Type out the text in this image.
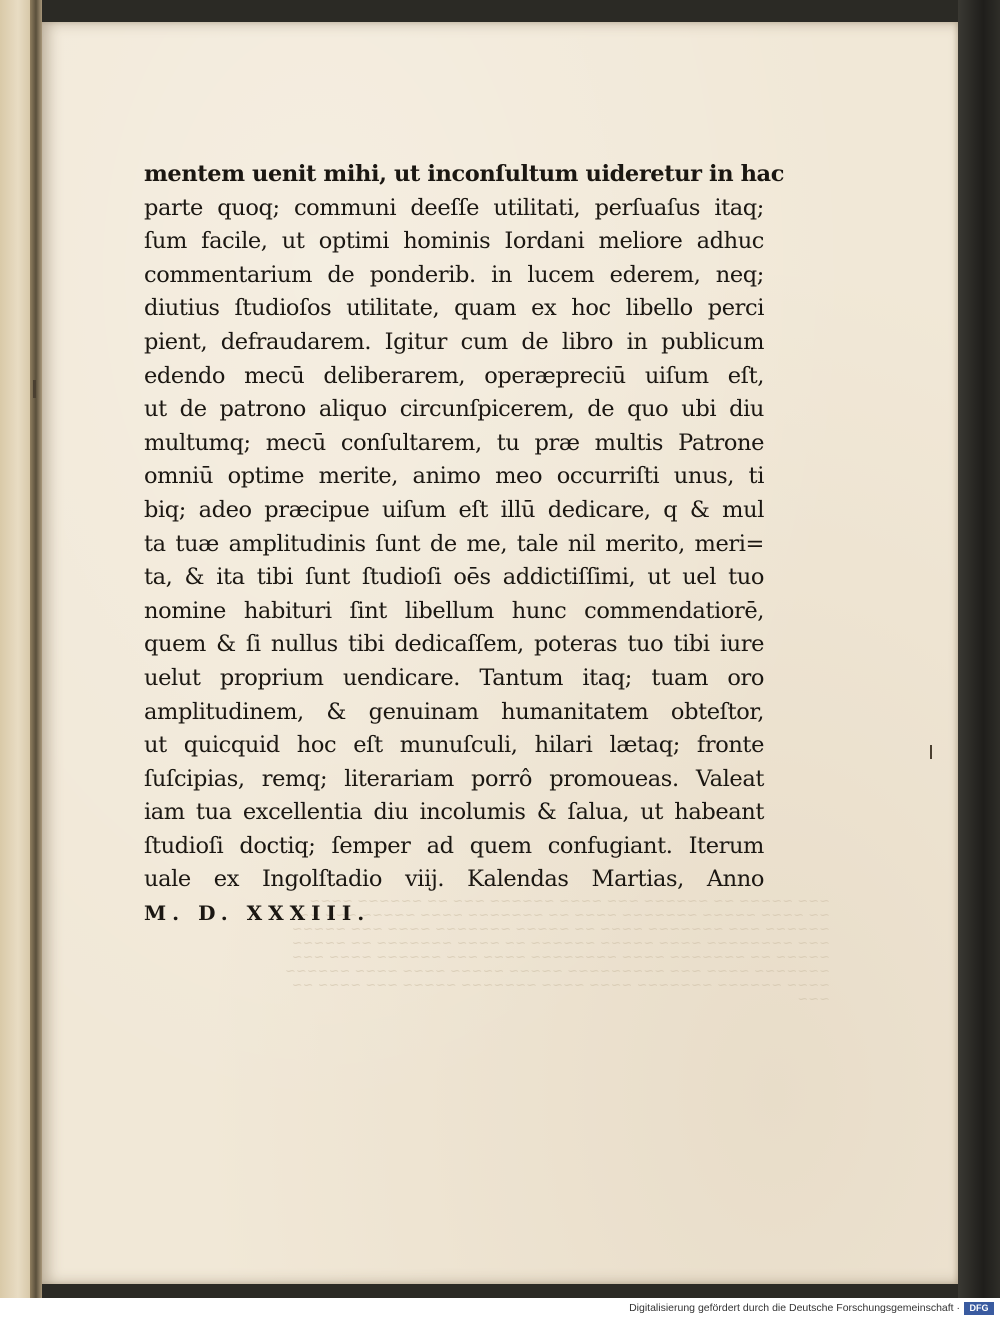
~~~ ~~~~~ ~~ ~~~~~~ ~~~ ~~~~ ~~~~~~ ~~~ ~~ ~~~~~~ ~~~~
~~ ~~~~ ~~~~~ ~~~~~~~ ~~~~ ~~ ~~~~~~~ ~~~~ ~~~~~ ~~~ ~~
~~~~~~ ~~~ ~~~~~~~ ~~~~ ~~ ~~~~~ ~~~~~~~ ~~~~ ~~~ ~~~~~
~~~ ~~~~~~~~ ~~~~ ~~~~~ ~~~~~~ ~~ ~~~~ ~~~~~~~ ~~ ~~~~~
~~~~~ ~~ ~~~~~~~ ~~~~ ~~~~~~~~ ~~~~ ~~~ ~~~~~~ ~~~~ ~~~
~~~~~~~ ~~~~ ~~~ ~~~~~~~~~ ~~~~~ ~~~~~ ~~~~ ~~~~ ~~~~~~
~~~~ ~~~~~~ ~~~~~~~ ~~~~ ~~~~ ~~~~~~~ ~~~~~ ~~~ ~~~~ ~~
~~~
mentem uenit mihi, ut inconſultum uideretur in hac
parte quoq; communi deeſſe utilitati, perſuaſus itaq;
ſum facile, ut optimi hominis Iordani meliore adhuc
commentarium de ponderib. in lucem ederem, neq;
diutius ſtudioſos utilitate, quam ex hoc libello perci
pient, defraudarem. Igitur cum de libro in publicum
edendo mecū deliberarem, operæpreciū uiſum eſt,
ut de patrono aliquo circunſpicerem, de quo ubi diu
multumq; mecū conſultarem, tu præ multis Patrone
omniū optime merite, animo meo occurriſti unus, ti
biq; adeo præcipue uiſum eſt illū dedicare, q & mul
ta tuæ amplitudinis ſunt de me, tale nil merito, meri=
ta, & ita tibi ſunt ſtudioſi oēs addictiſſimi, ut uel tuo
nomine habituri ſint libellum hunc commendatiorē,
quem & ſi nullus tibi dedicaſſem, poteras tuo tibi iure
uelut proprium uendicare. Tantum itaq; tuam oro
amplitudinem, & genuinam humanitatem obteſtor,
ut quicquid hoc eſt munuſculi, hilari lætaq; fronte
ſuſcipias, remq; literariam porrô promoueas. Valeat
iam tua excellentia diu incolumis & ſalua, ut habeant
ſtudioſi doctiq; ſemper ad quem confugiant. Iterum
uale ex Ingolſtadio viij. Kalendas Martias, Anno
M. D. XXXIII.
Digitalisierung gefördert durch die Deutsche Forschungsgemeinschaft ·	DFG
